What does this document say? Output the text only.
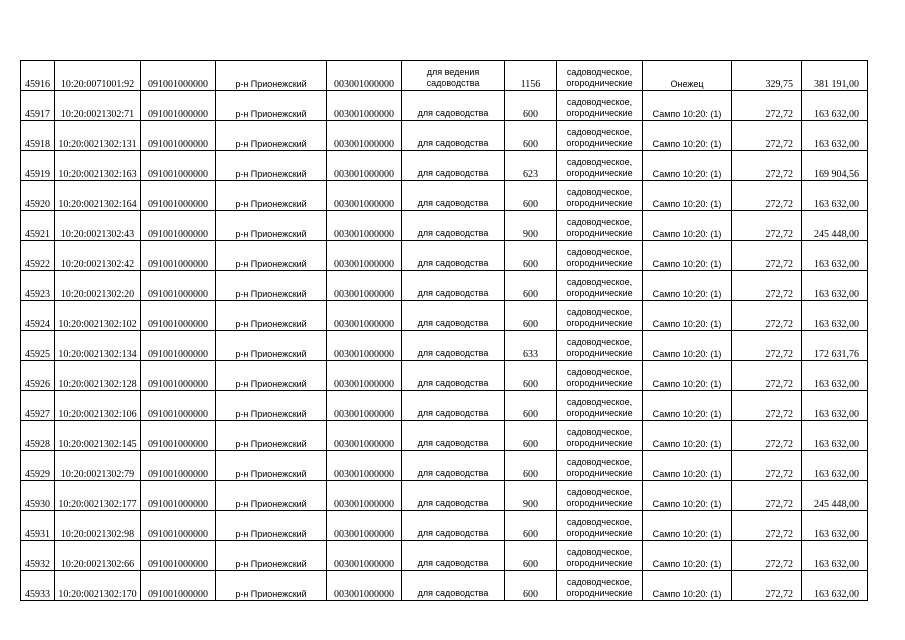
45916	10:20:0071001:92	091001000000	р-н Прионежский	003001000000	для ведения садоводства	1156	садоводческое, огороднические	Онежец	329,75	381 191,00
45917	10:20:0021302:71	091001000000	р-н Прионежский	003001000000	для садоводства	600	садоводческое, огороднические	Сампо 10:20: (1)	272,72	163 632,00
45918	10:20:0021302:131	091001000000	р-н Прионежский	003001000000	для садоводства	600	садоводческое, огороднические	Сампо 10:20: (1)	272,72	163 632,00
45919	10:20:0021302:163	091001000000	р-н Прионежский	003001000000	для садоводства	623	садоводческое, огороднические	Сампо 10:20: (1)	272,72	169 904,56
45920	10:20:0021302:164	091001000000	р-н Прионежский	003001000000	для садоводства	600	садоводческое, огороднические	Сампо 10:20: (1)	272,72	163 632,00
45921	10:20:0021302:43	091001000000	р-н Прионежский	003001000000	для садоводства	900	садоводческое, огороднические	Сампо 10:20: (1)	272,72	245 448,00
45922	10:20:0021302:42	091001000000	р-н Прионежский	003001000000	для садоводства	600	садоводческое, огороднические	Сампо 10:20: (1)	272,72	163 632,00
45923	10:20:0021302:20	091001000000	р-н Прионежский	003001000000	для садоводства	600	садоводческое, огороднические	Сампо 10:20: (1)	272,72	163 632,00
45924	10:20:0021302:102	091001000000	р-н Прионежский	003001000000	для садоводства	600	садоводческое, огороднические	Сампо 10:20: (1)	272,72	163 632,00
45925	10:20:0021302:134	091001000000	р-н Прионежский	003001000000	для садоводства	633	садоводческое, огороднические	Сампо 10:20: (1)	272,72	172 631,76
45926	10:20:0021302:128	091001000000	р-н Прионежский	003001000000	для садоводства	600	садоводческое, огороднические	Сампо 10:20: (1)	272,72	163 632,00
45927	10:20:0021302:106	091001000000	р-н Прионежский	003001000000	для садоводства	600	садоводческое, огороднические	Сампо 10:20: (1)	272,72	163 632,00
45928	10:20:0021302:145	091001000000	р-н Прионежский	003001000000	для садоводства	600	садоводческое, огороднические	Сампо 10:20: (1)	272,72	163 632,00
45929	10:20:0021302:79	091001000000	р-н Прионежский	003001000000	для садоводства	600	садоводческое, огороднические	Сампо 10:20: (1)	272,72	163 632,00
45930	10:20:0021302:177	091001000000	р-н Прионежский	003001000000	для садоводства	900	садоводческое, огороднические	Сампо 10:20: (1)	272,72	245 448,00
45931	10:20:0021302:98	091001000000	р-н Прионежский	003001000000	для садоводства	600	садоводческое, огороднические	Сампо 10:20: (1)	272,72	163 632,00
45932	10:20:0021302:66	091001000000	р-н Прионежский	003001000000	для садоводства	600	садоводческое, огороднические	Сампо 10:20: (1)	272,72	163 632,00
45933	10:20:0021302:170	091001000000	р-н Прионежский	003001000000	для садоводства	600	садоводческое, огороднические	Сампо 10:20: (1)	272,72	163 632,00
